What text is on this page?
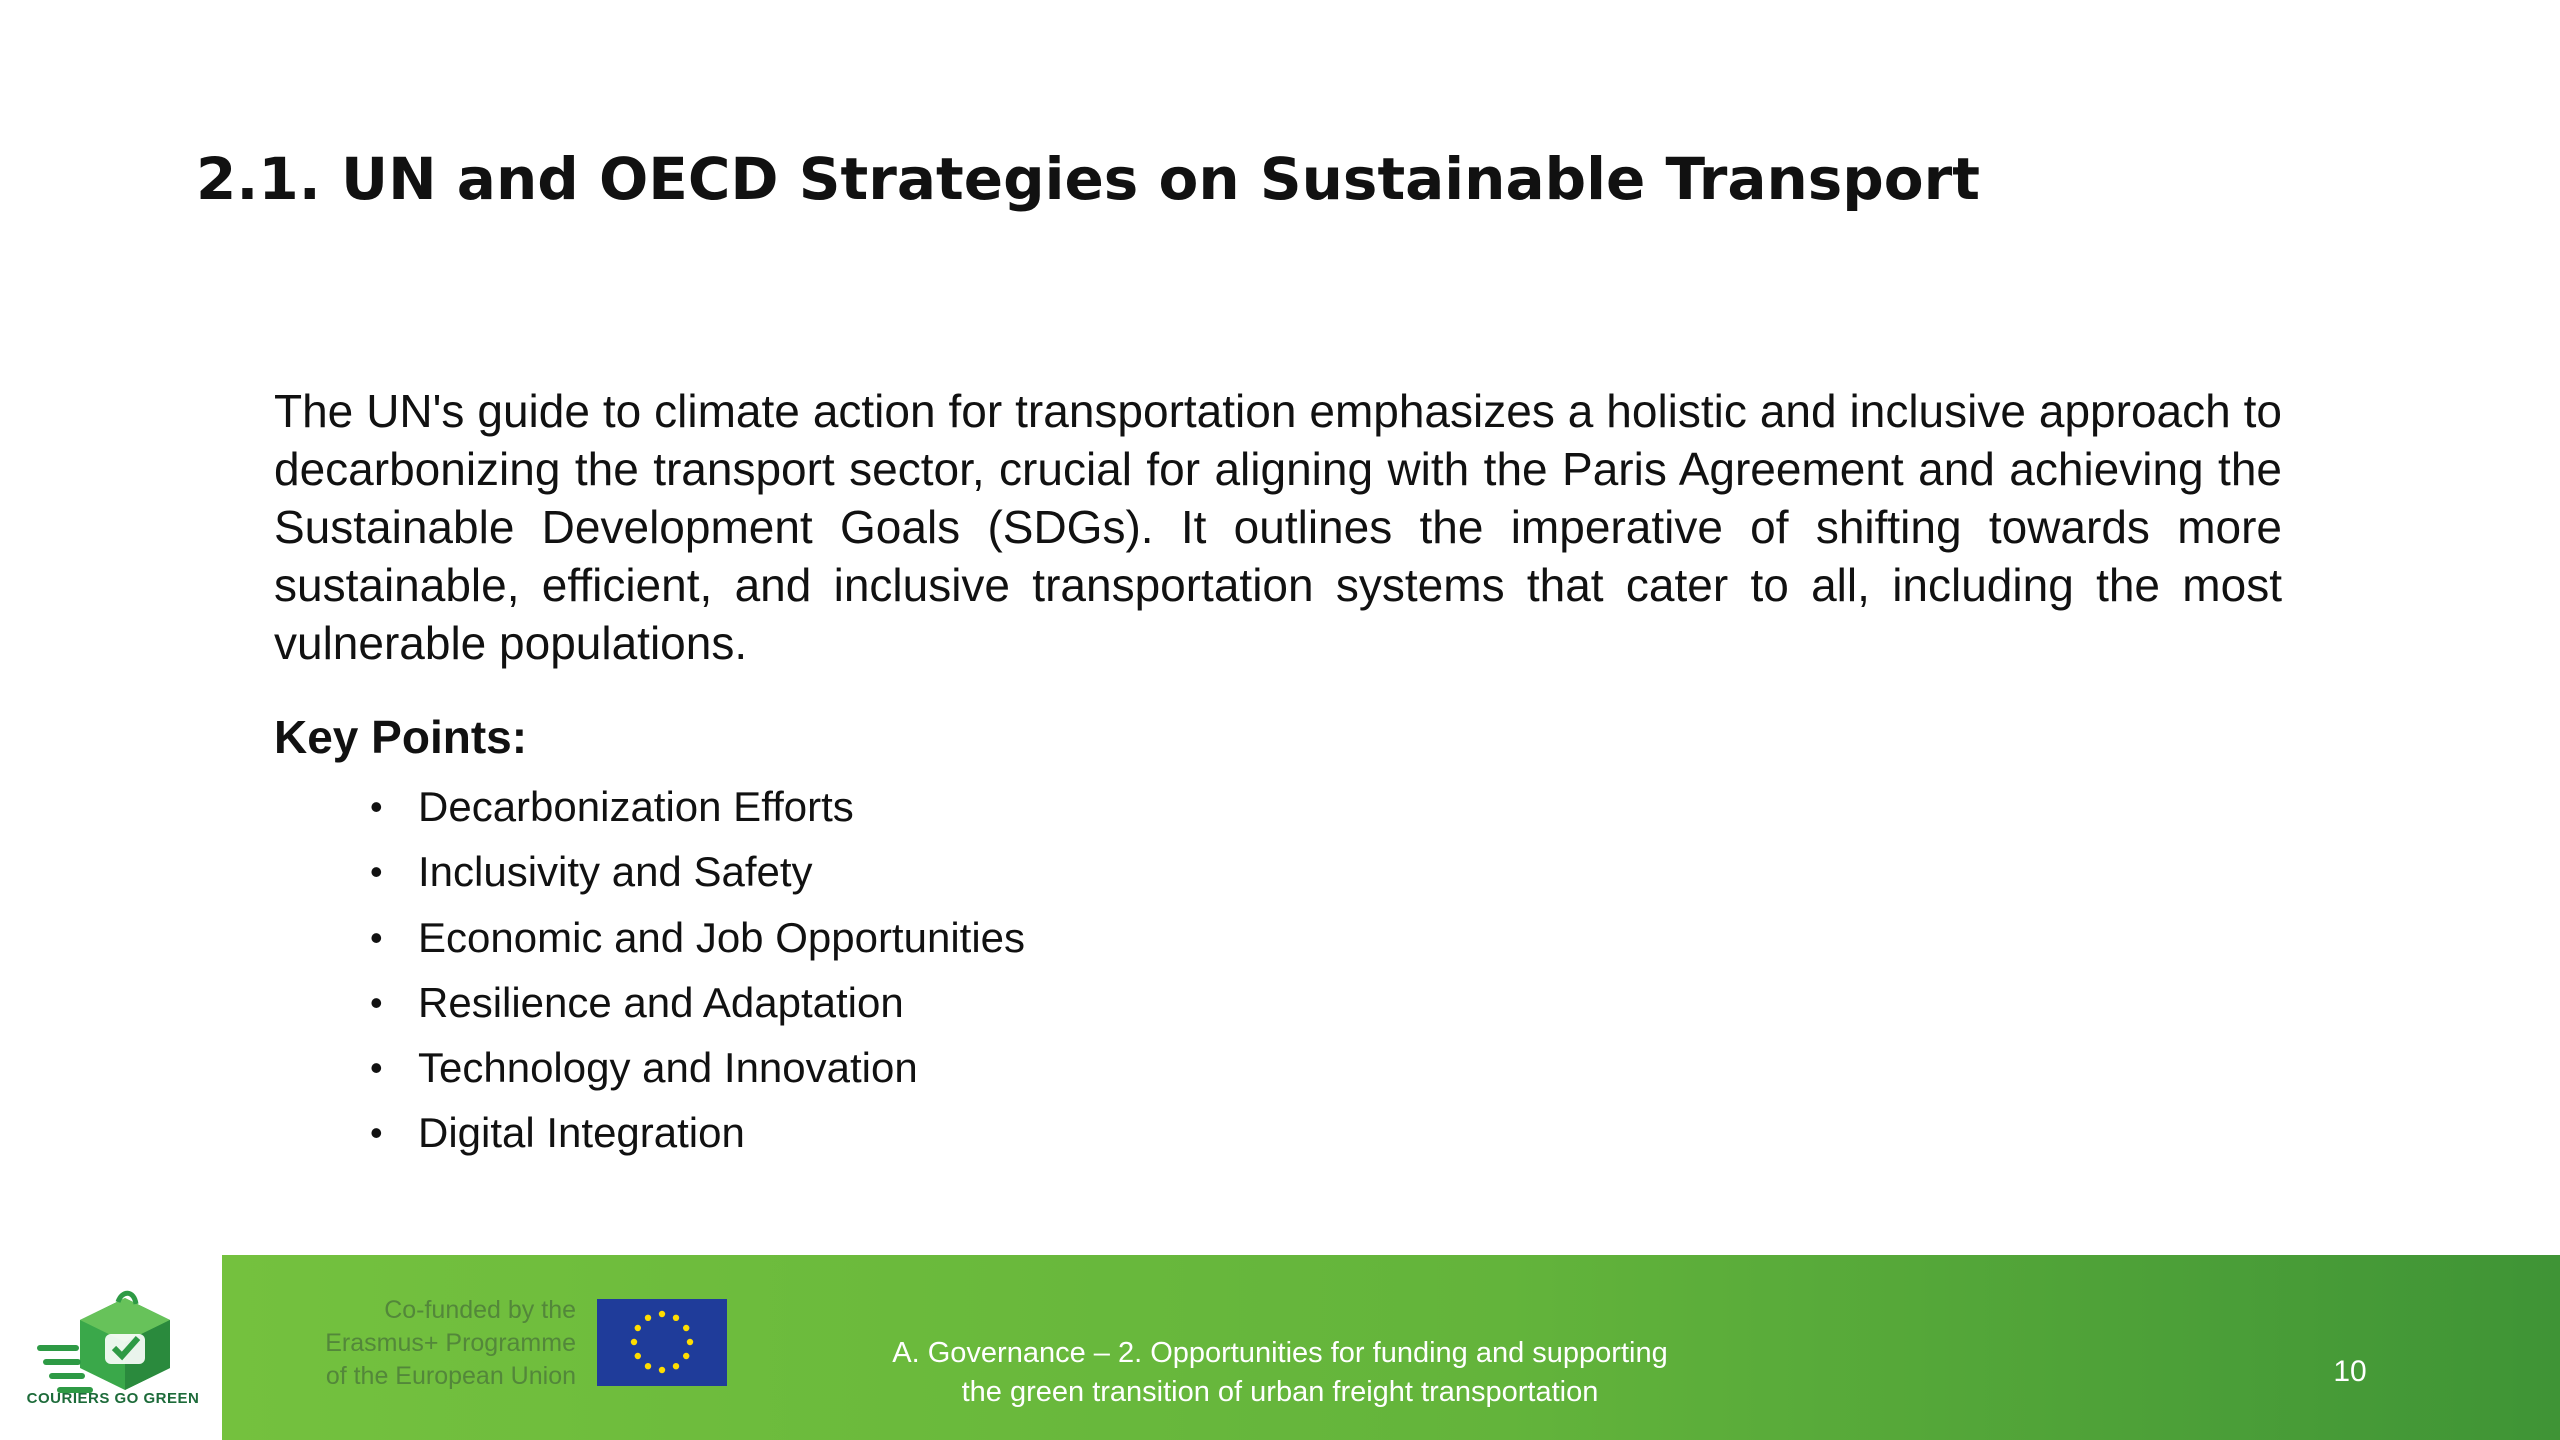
2.1. UN and OECD Strategies on Sustainable Transport

The UN's guide to climate action for transportation emphasizes a holistic and inclusive approach to decarbonizing the transport sector, crucial for aligning with the Paris Agreement and achieving the Sustainable Development Goals (SDGs). It outlines the imperative of shifting towards more sustainable, efficient, and inclusive transportation systems that cater to all, including the most vulnerable populations.

Key Points:
• Decarbonization Efforts
• Inclusivity and Safety
• Economic and Job Opportunities
• Resilience and Adaptation
• Technology and Innovation
• Digital Integration
COURIERS GO GREEN
Co-funded by the
Erasmus+ Programme
of the European Union
A. Governance – 2. Opportunities for funding and supporting
the green transition of urban freight transportation
10
